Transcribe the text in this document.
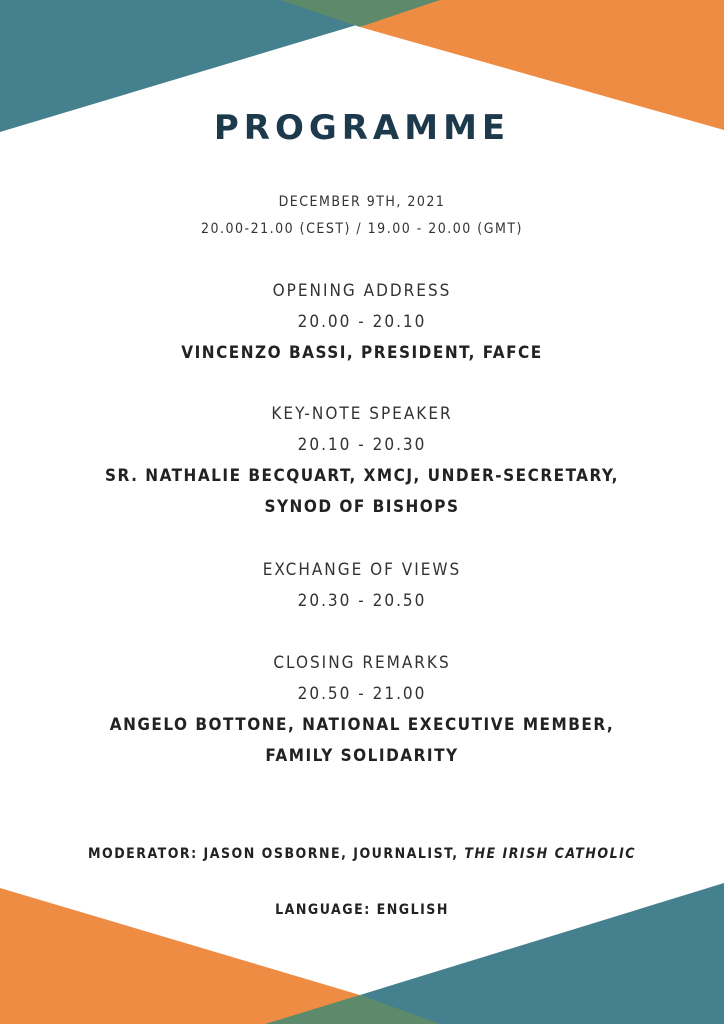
PROGRAMME
DECEMBER 9TH, 2021
20.00-21.00 (CEST) / 19.00 - 20.00 (GMT)
OPENING ADDRESS
20.00 - 20.10
VINCENZO BASSI, PRESIDENT, FAFCE
KEY-NOTE SPEAKER
20.10 - 20.30
SR. NATHALIE BECQUART, XMCJ, UNDER-SECRETARY,
SYNOD OF BISHOPS
EXCHANGE OF VIEWS
20.30 - 20.50
CLOSING REMARKS
20.50 - 21.00
ANGELO BOTTONE, NATIONAL EXECUTIVE MEMBER,
FAMILY SOLIDARITY
MODERATOR: JASON OSBORNE, JOURNALIST, THE IRISH CATHOLIC
LANGUAGE: ENGLISH
